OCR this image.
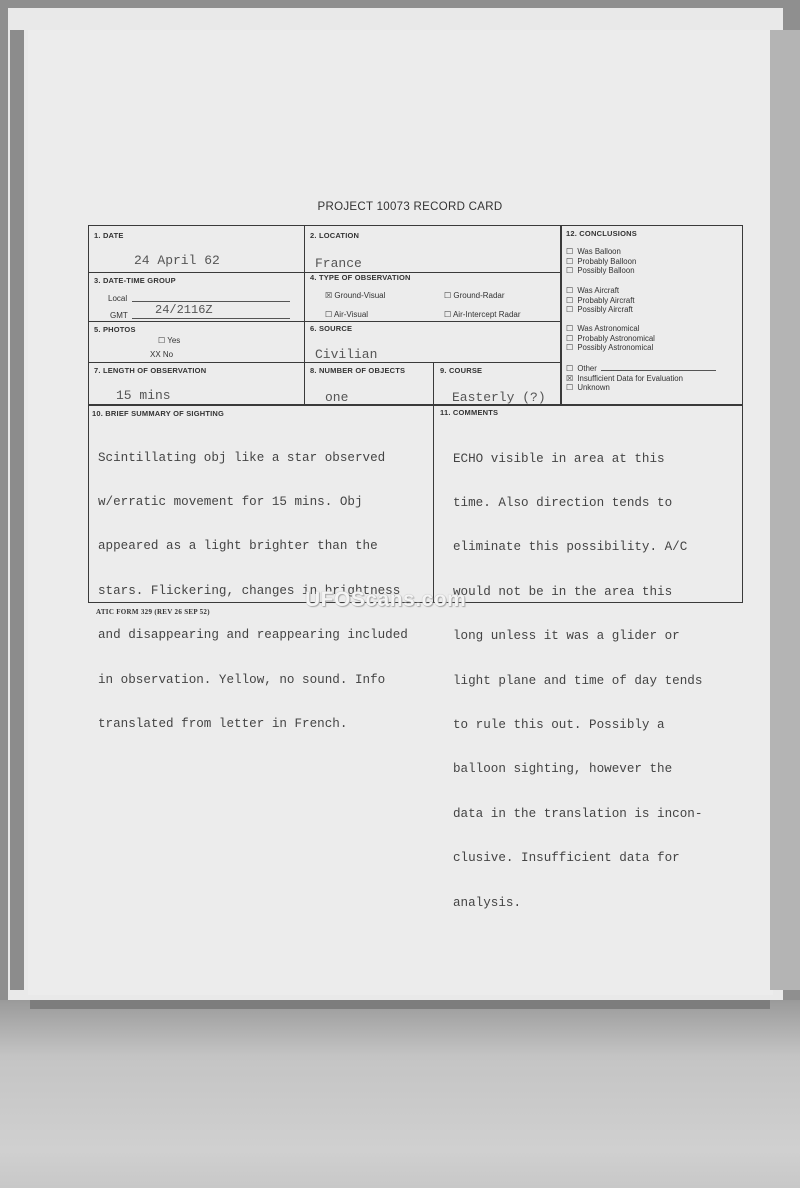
PROJECT 10073 RECORD CARD
1. DATE
24 April 62
2. LOCATION
France
3. DATE-TIME GROUP
Local
GMT 24/2116Z
4. TYPE OF OBSERVATION
☒ Ground-Visual	☐ Ground-Radar
☐ Air-Visual	☐ Air-Intercept Radar
5. PHOTOS
☐ Yes
XX No
6. SOURCE
Civilian
7. LENGTH OF OBSERVATION
15 mins
8. NUMBER OF OBJECTS
one
9. COURSE
Easterly (?)
10. BRIEF SUMMARY OF SIGHTING

Scintillating obj like a star observed

w/erratic movement for 15 mins. Obj

appeared as a light brighter than the

stars. Flickering, changes in brightness

and disappearing and reappearing included

in observation. Yellow, no sound. Info

translated from letter in French.

11. COMMENTS

ECHO visible in area at this

time. Also direction tends to

eliminate this possibility. A/C

would not be in the area this

long unless it was a glider or

light plane and time of day tends

to rule this out. Possibly a

balloon sighting, however the

data in the translation is incon-

clusive. Insufficient data for

analysis.

12. CONCLUSIONS
☐ Was Balloon
☐ Probably Balloon
☐ Possibly Balloon
☐ Was Aircraft
☐ Probably Aircraft
☐ Possibly Aircraft
☐ Was Astronomical
☐ Probably Astronomical
☐ Possibly Astronomical
☐ Other
☒ Insufficient Data for Evaluation
☐ Unknown
ATIC FORM 329 (REV 26 SEP 52)
UFOScans.com
